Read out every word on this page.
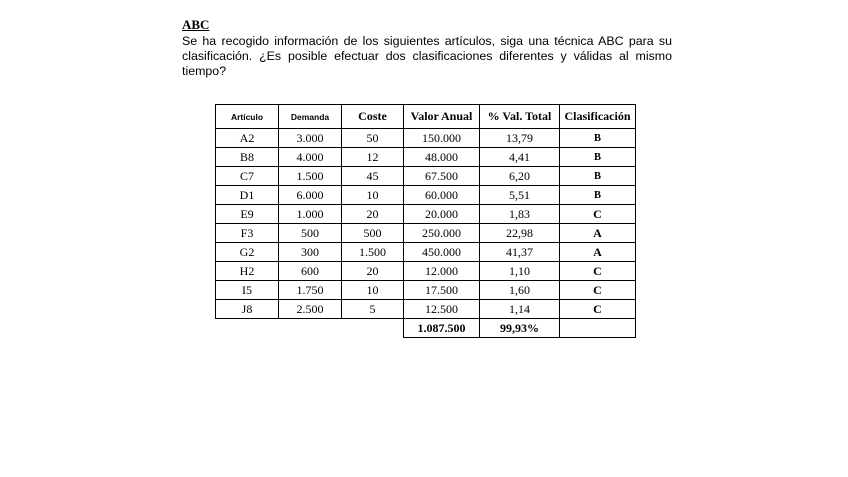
ABC

Se ha recogido información de los siguientes artículos, siga una técnica ABC para su clasificación. ¿Es posible efectuar dos clasificaciones diferentes y válidas al mismo tiempo?

Artículo	Demanda	Coste	Valor Anual	% Val. Total	Clasificación
A2	3.000	50	150.000	13,79	B
B8	4.000	12	48.000	4,41	B
C7	1.500	45	67.500	6,20	B
D1	6.000	10	60.000	5,51	B
E9	1.000	20	20.000	1,83	C
F3	500	500	250.000	22,98	A
G2	300	1.500	450.000	41,37	A
H2	600	20	12.000	1,10	C
I5	1.750	10	17.500	1,60	C
J8	2.500	5	12.500	1,14	C
			1.087.500	99,93%	
